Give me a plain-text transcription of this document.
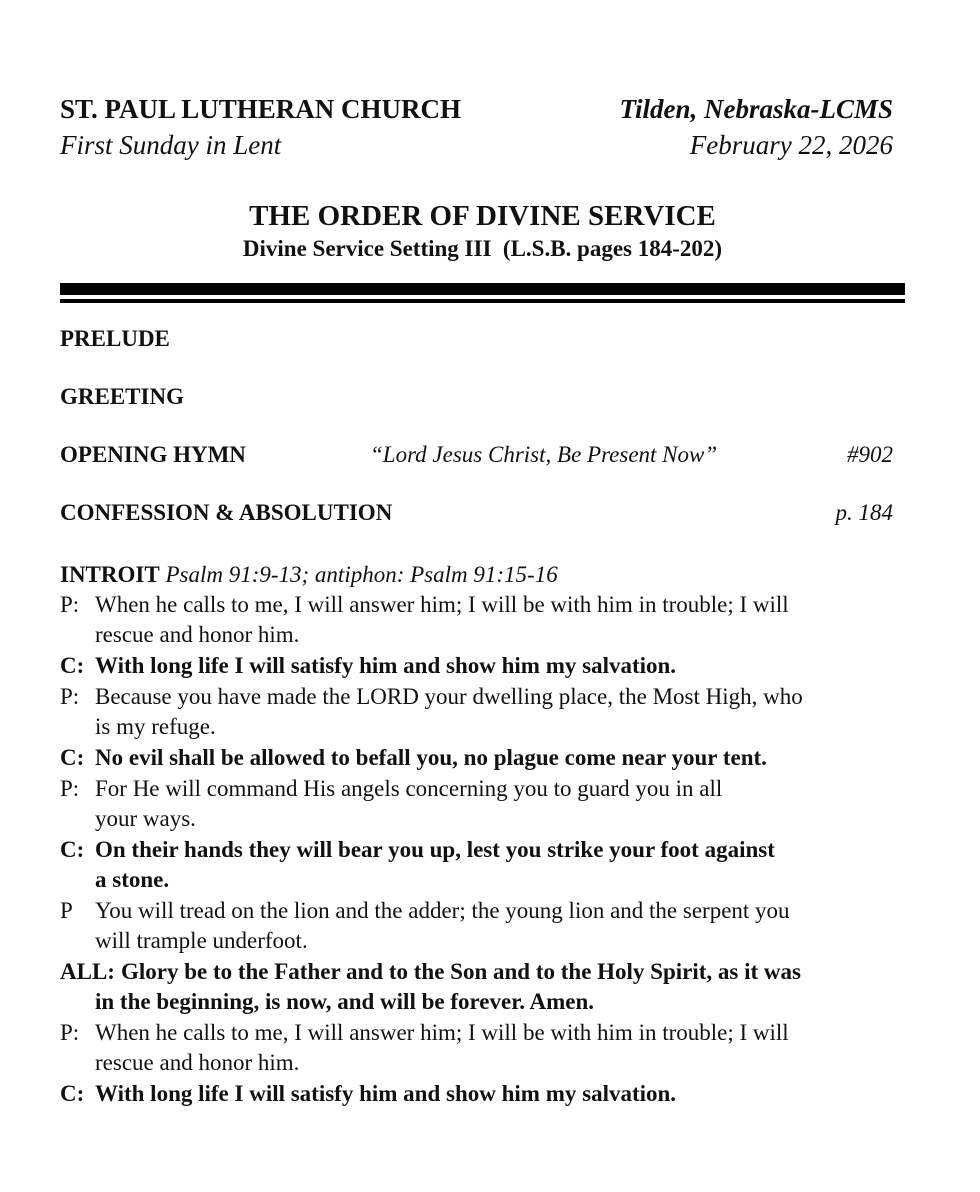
ST. PAUL LUTHERAN CHURCH	Tilden, Nebraska-LCMS
First Sunday in Lent	February 22, 2026
THE ORDER OF DIVINE SERVICE
Divine Service Setting III  (L.S.B. pages 184-202)
PRELUDE
GREETING
OPENING HYMN	“Lord Jesus Christ, Be Present Now”	#902
CONFESSION & ABSOLUTION	p. 184
INTROIT Psalm 91:9-13; antiphon: Psalm 91:15-16
P: When he calls to me, I will answer him; I will be with him in trouble; I will
rescue and honor him.
C: With long life I will satisfy him and show him my salvation.
P: Because you have made the LORD your dwelling place, the Most High, who
is my refuge.
C: No evil shall be allowed to befall you, no plague come near your tent.
P: For He will command His angels concerning you to guard you in all
your ways.
C: On their hands they will bear you up, lest you strike your foot against
a stone.
P You will tread on the lion and the adder; the young lion and the serpent you
will trample underfoot.
ALL: Glory be to the Father and to the Son and to the Holy Spirit, as it was
in the beginning, is now, and will be forever. Amen.
P: When he calls to me, I will answer him; I will be with him in trouble; I will
rescue and honor him.
C: With long life I will satisfy him and show him my salvation.
